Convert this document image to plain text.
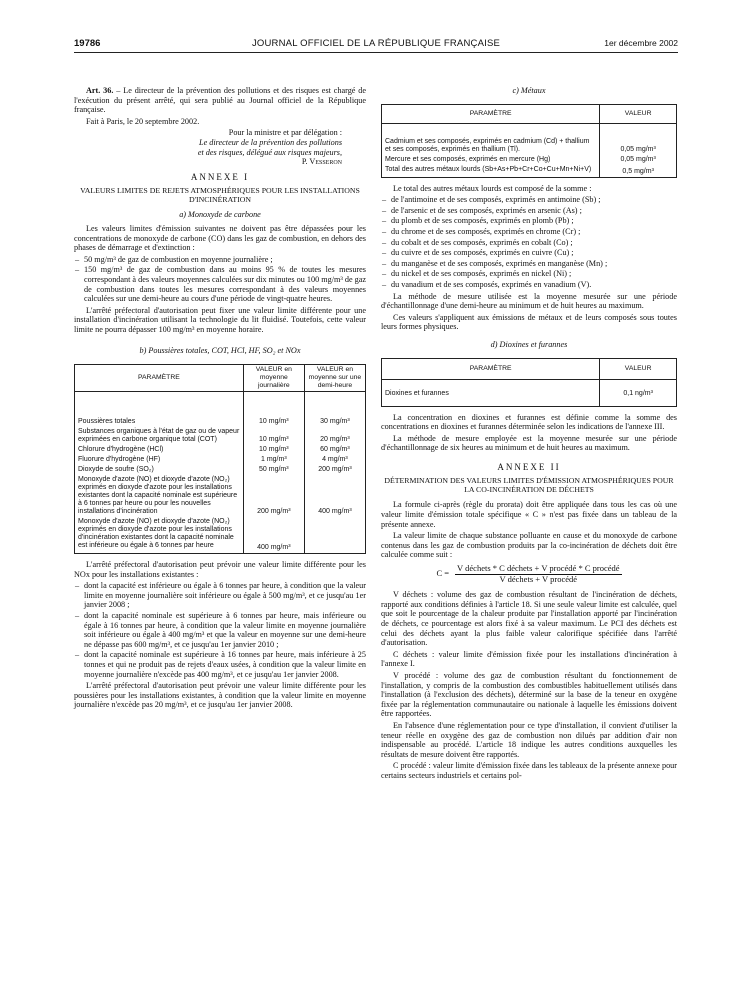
19786	JOURNAL OFFICIEL DE LA RÉPUBLIQUE FRANÇAISE	1er décembre 2002

Art. 36. – Le directeur de la prévention des pollutions et des risques est chargé de l'exécution du présent arrêté, qui sera publié au Journal officiel de la République française.

Fait à Paris, le 20 septembre 2002.

Pour la ministre et par délégation :
Le directeur de la prévention des pollutions
et des risques, délégué aux risques majeurs,
P. Vesseron
ANNEXE I
VALEURS LIMITES DE REJETS ATMOSPHÉRIQUES POUR LES INSTALLATIONS D'INCINÉRATION
a) Monoxyde de carbone

Les valeurs limites d'émission suivantes ne doivent pas être dépassées pour les concentrations de monoxyde de carbone (CO) dans les gaz de combustion, en dehors des phases de démarrage et d'extinction :

– 50 mg/m³ de gaz de combustion en moyenne journalière ;
– 150 mg/m³ de gaz de combustion dans au moins 95 % de toutes les mesures correspondant à des valeurs moyennes calculées sur dix minutes ou 100 mg/m³ de gaz de combustion dans toutes les mesures correspondant à des valeurs moyennes calculées sur une demi-heure au cours d'une période de vingt-quatre heures.

L'arrêté préfectoral d'autorisation peut fixer une valeur limite différente pour une installation d'incinération utilisant la technologie du lit fluidisé. Toutefois, cette valeur limite ne pourra dépasser 100 mg/m³ en moyenne horaire.

b) Poussières totales, COT, HCl, HF, SO₂ et NOx
PARAMÈTRE	VALEUR en moyenne journalière	VALEUR en moyenne sur une demi-heure
Poussières totales	10 mg/m³	30 mg/m³
Substances organiques à l'état de gaz ou de vapeur exprimées en carbone organique total (COT)	10 mg/m³	20 mg/m³
Chlorure d'hydrogène (HCl)	10 mg/m³	60 mg/m³
Fluorure d'hydrogène (HF)	1 mg/m³	4 mg/m³
Dioxyde de soufre (SO₂)	50 mg/m³	200 mg/m³
Monoxyde d'azote (NO) et dioxyde d'azote (NO₂) exprimés en dioxyde d'azote pour les installations existantes dont la capacité nominale est supérieure à 6 tonnes par heure ou pour les nouvelles installations d'incinération	200 mg/m³	400 mg/m³
Monoxyde d'azote (NO) et dioxyde d'azote (NO₂) exprimés en dioxyde d'azote pour les installations d'incinération existantes dont la capacité nominale est inférieure ou égale à 6 tonnes par heure	400 mg/m³	

L'arrêté préfectoral d'autorisation peut prévoir une valeur limite différente pour les NOx pour les installations existantes :

– dont la capacité est inférieure ou égale à 6 tonnes par heure, à condition que la valeur limite en moyenne journalière soit inférieure ou égale à 500 mg/m³, et ce jusqu'au 1er janvier 2008 ;
– dont la capacité nominale est supérieure à 6 tonnes par heure, mais inférieure ou égale à 16 tonnes par heure, à condition que la valeur limite en moyenne journalière soit inférieure ou égale à 400 mg/m³ et que la valeur en moyenne sur une demi-heure ne dépasse pas 600 mg/m³, et ce jusqu'au 1er janvier 2010 ;
– dont la capacité nominale est supérieure à 16 tonnes par heure, mais inférieure à 25 tonnes et qui ne produit pas de rejets d'eaux usées, à condition que la valeur limite en moyenne journalière n'excède pas 400 mg/m³, et ce jusqu'au 1er janvier 2008.

L'arrêté préfectoral d'autorisation peut prévoir une valeur limite différente pour les poussières pour les installations existantes, à condition que la valeur limite en moyenne journalière n'excède pas 20 mg/m³, et ce jusqu'au 1er janvier 2008.

c) Métaux
PARAMÈTRE	VALEUR
Cadmium et ses composés, exprimés en cadmium (Cd) + thallium et ses composés, exprimés en thallium (Tl).	0,05 mg/m³
Mercure et ses composés, exprimés en mercure (Hg)	0,05 mg/m³
Total des autres métaux lourds (Sb+As+Pb+Cr+Co+Cu+Mn+Ni+V)	0,5 mg/m³

Le total des autres métaux lourds est composé de la somme :

– de l'antimoine et de ses composés, exprimés en antimoine (Sb) ;
– de l'arsenic et de ses composés, exprimés en arsenic (As) ;
– du plomb et de ses composés, exprimés en plomb (Pb) ;
– du chrome et de ses composés, exprimés en chrome (Cr) ;
– du cobalt et de ses composés, exprimés en cobalt (Co) ;
– du cuivre et de ses composés, exprimés en cuivre (Cu) ;
– du manganèse et de ses composés, exprimés en manganèse (Mn) ;
– du nickel et de ses composés, exprimés en nickel (Ni) ;
– du vanadium et de ses composés, exprimés en vanadium (V).

La méthode de mesure utilisée est la moyenne mesurée sur une période d'échantillonnage d'une demi-heure au minimum et de huit heures au maximum.

Ces valeurs s'appliquent aux émissions de métaux et de leurs composés sous toutes leurs formes physiques.

d) Dioxines et furannes
PARAMÈTRE	VALEUR
Dioxines et furannes	0,1 ng/m³

La concentration en dioxines et furannes est définie comme la somme des concentrations en dioxines et furannes déterminée selon les indications de l'annexe III.

La méthode de mesure employée est la moyenne mesurée sur une période d'échantillonnage de six heures au minimum et de huit heures au maximum.

ANNEXE II
DÉTERMINATION DES VALEURS LIMITES D'ÉMISSION ATMOSPHÉRIQUES POUR LA CO-INCINÉRATION DE DÉCHETS

La formule ci-après (règle du prorata) doit être appliquée dans tous les cas où une valeur limite d'émission totale spécifique « C » n'est pas fixée dans un tableau de la présente annexe.

La valeur limite de chaque substance polluante en cause et du monoxyde de carbone contenus dans les gaz de combustion produits par la co-incinération de déchets doit être calculée comme suit :

$C = \frac{\text{V déchets * C déchets + V procédé * C procédé}}{\text{V déchets + V procédé}}$

V déchets : volume des gaz de combustion résultant de l'incinération de déchets, rapporté aux conditions définies à l'article 18. Si une seule valeur limite est calculée, quel que soit le pourcentage de la chaleur produite par l'installation apporté par l'incinération de déchets, ce pourcentage est alors fixé à sa valeur maximum. Le PCI des déchets est celui des déchets ayant la plus faible valeur calorifique spécifiée dans l'arrêté d'autorisation.

C déchets : valeur limite d'émission fixée pour les installations d'incinération à l'annexe I.

V procédé : volume des gaz de combustion résultant du fonctionnement de l'installation, y compris de la combustion des combustibles habituellement utilisés dans l'installation (à l'exclusion des déchets), déterminé sur la base de la teneur en oxygène fixée par la réglementation communautaire ou nationale à laquelle les émissions doivent être rapportées.

En l'absence d'une réglementation pour ce type d'installation, il convient d'utiliser la teneur réelle en oxygène des gaz de combustion non dilués par addition d'air non indispensable au procédé. L'article 18 indique les autres conditions auxquelles les résultats de mesure doivent être rapportés.

C procédé : valeur limite d'émission fixée dans les tableaux de la présente annexe pour certains secteurs industriels et certains pol-
